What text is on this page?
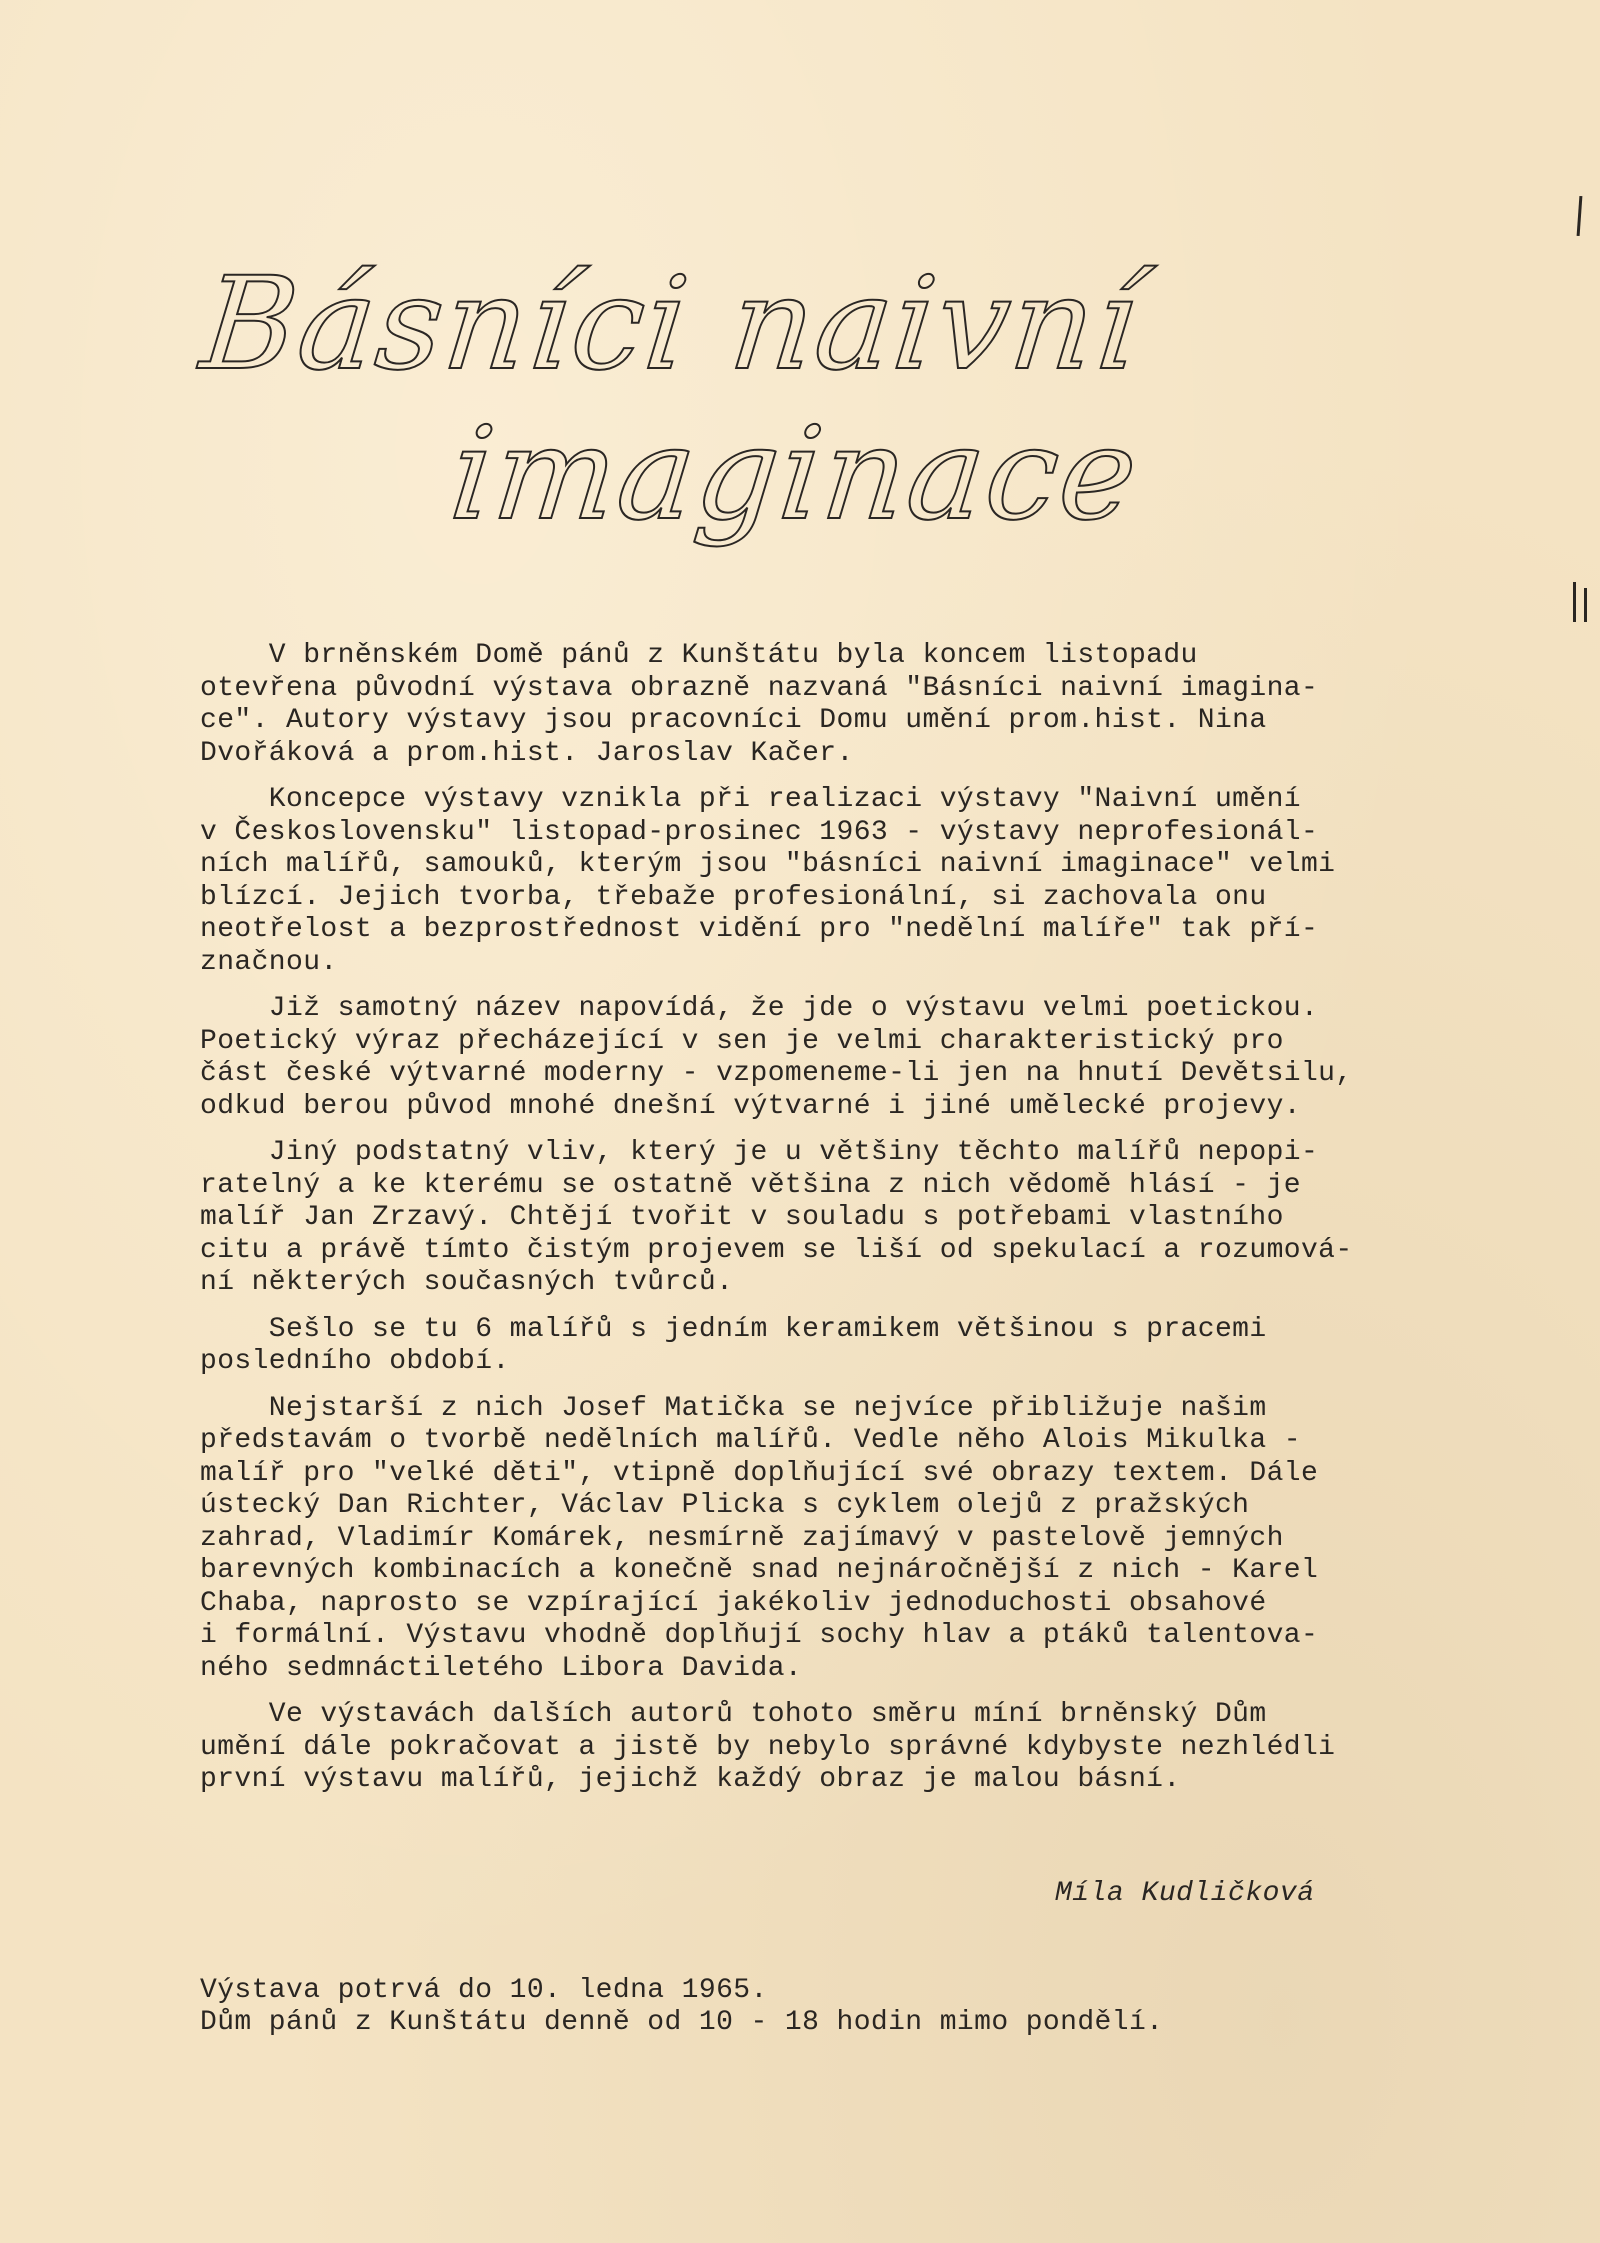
Básníci naivní
imaginace
V brněnském Domě pánů z Kunštátu byla koncem listopadu
otevřena původní výstava obrazně nazvaná "Básníci naivní imagina-
ce". Autory výstavy jsou pracovníci Domu umění prom.hist. Nina
Dvořáková a prom.hist. Jaroslav Kačer.
Koncepce výstavy vznikla při realizaci výstavy "Naivní umění
v Československu" listopad-prosinec 1963 - výstavy neprofesionál-
ních malířů, samouků, kterým jsou "básníci naivní imaginace" velmi
blízcí. Jejich tvorba, třebaže profesionální, si zachovala onu
neotřelost a bezprostřednost vidění pro "nedělní malíře" tak pří-
značnou.
Již samotný název napovídá, že jde o výstavu velmi poetickou.
Poetický výraz přecházející v sen je velmi charakteristický pro
část české výtvarné moderny - vzpomeneme-li jen na hnutí Devětsilu,
odkud berou původ mnohé dnešní výtvarné i jiné umělecké projevy.
Jiný podstatný vliv, který je u většiny těchto malířů nepopi-
ratelný a ke kterému se ostatně většina z nich vědomě hlásí - je
malíř Jan Zrzavý. Chtějí tvořit v souladu s potřebami vlastního
citu a právě tímto čistým projevem se liší od spekulací a rozumová-
ní některých současných tvůrců.
Sešlo se tu 6 malířů s jedním keramikem většinou s pracemi
posledního období.
Nejstarší z nich Josef Matička se nejvíce přibližuje našim
představám o tvorbě nedělních malířů. Vedle něho Alois Mikulka -
malíř pro "velké děti", vtipně doplňující své obrazy textem. Dále
ústecký Dan Richter, Václav Plicka s cyklem olejů z pražských
zahrad, Vladimír Komárek, nesmírně zajímavý v pastelově jemných
barevných kombinacích a konečně snad nejnáročnější z nich - Karel
Chaba, naprosto se vzpírající jakékoliv jednoduchosti obsahové
i formální. Výstavu vhodně doplňují sochy hlav a ptáků talentova-
ného sedmnáctiletého Libora Davida.
Ve výstavách dalších autorů tohoto směru míní brněnský Dům
umění dále pokračovat a jistě by nebylo správné kdybyste nezhlédli
první výstavu malířů, jejichž každý obraz je malou básní.
Míla Kudličková
Výstava potrvá do 10. ledna 1965.
Dům pánů z Kunštátu denně od 10 - 18 hodin mimo pondělí.
